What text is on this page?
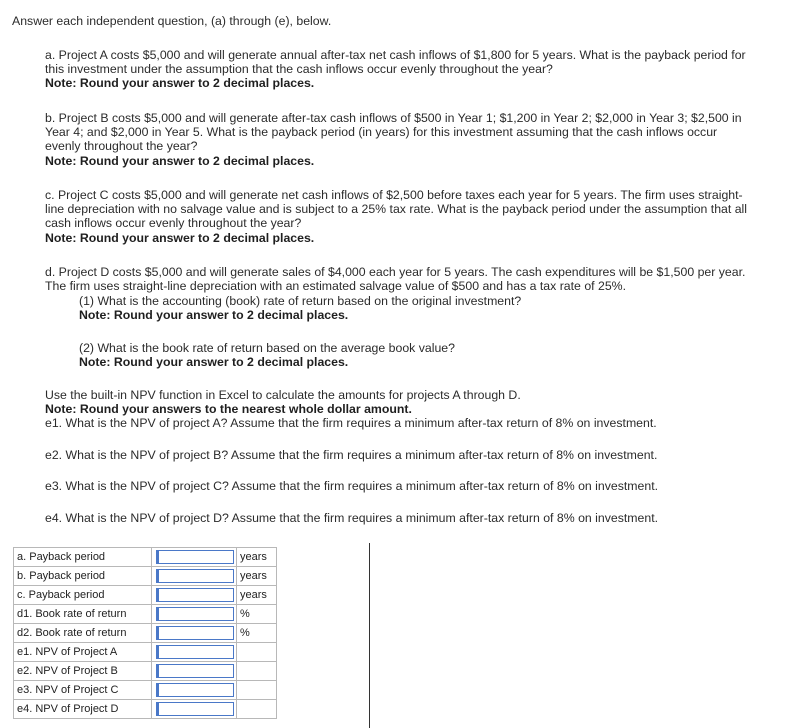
Answer each independent question, (a) through (e), below.
a. Project A costs $5,000 and will generate annual after-tax net cash inflows of $1,800 for 5 years. What is the payback period for
this investment under the assumption that the cash inflows occur evenly throughout the year?
Note: Round your answer to 2 decimal places.
b. Project B costs $5,000 and will generate after-tax cash inflows of $500 in Year 1; $1,200 in Year 2; $2,000 in Year 3; $2,500 in
Year 4; and $2,000 in Year 5. What is the payback period (in years) for this investment assuming that the cash inflows occur
evenly throughout the year?
Note: Round your answer to 2 decimal places.
c. Project C costs $5,000 and will generate net cash inflows of $2,500 before taxes each year for 5 years. The firm uses straight-
line depreciation with no salvage value and is subject to a 25% tax rate. What is the payback period under the assumption that all
cash inflows occur evenly throughout the year?
Note: Round your answer to 2 decimal places.
d. Project D costs $5,000 and will generate sales of $4,000 each year for 5 years. The cash expenditures will be $1,500 per year.
The firm uses straight-line depreciation with an estimated salvage value of $500 and has a tax rate of 25%.
(1) What is the accounting (book) rate of return based on the original investment?
Note: Round your answer to 2 decimal places.
(2) What is the book rate of return based on the average book value?
Note: Round your answer to 2 decimal places.
Use the built-in NPV function in Excel to calculate the amounts for projects A through D.
Note: Round your answers to the nearest whole dollar amount.
e1. What is the NPV of project A? Assume that the firm requires a minimum after-tax return of 8% on investment.
e2. What is the NPV of project B? Assume that the firm requires a minimum after-tax return of 8% on investment.
e3. What is the NPV of project C? Assume that the firm requires a minimum after-tax return of 8% on investment.
e4. What is the NPV of project D? Assume that the firm requires a minimum after-tax return of 8% on investment.
a. Payback period		years
b. Payback period		years
c. Payback period		years
d1. Book rate of return		%
d2. Book rate of return		%
e1. NPV of Project A	

e2. NPV of Project B	

e3. NPV of Project C	

e4. NPV of Project D	
